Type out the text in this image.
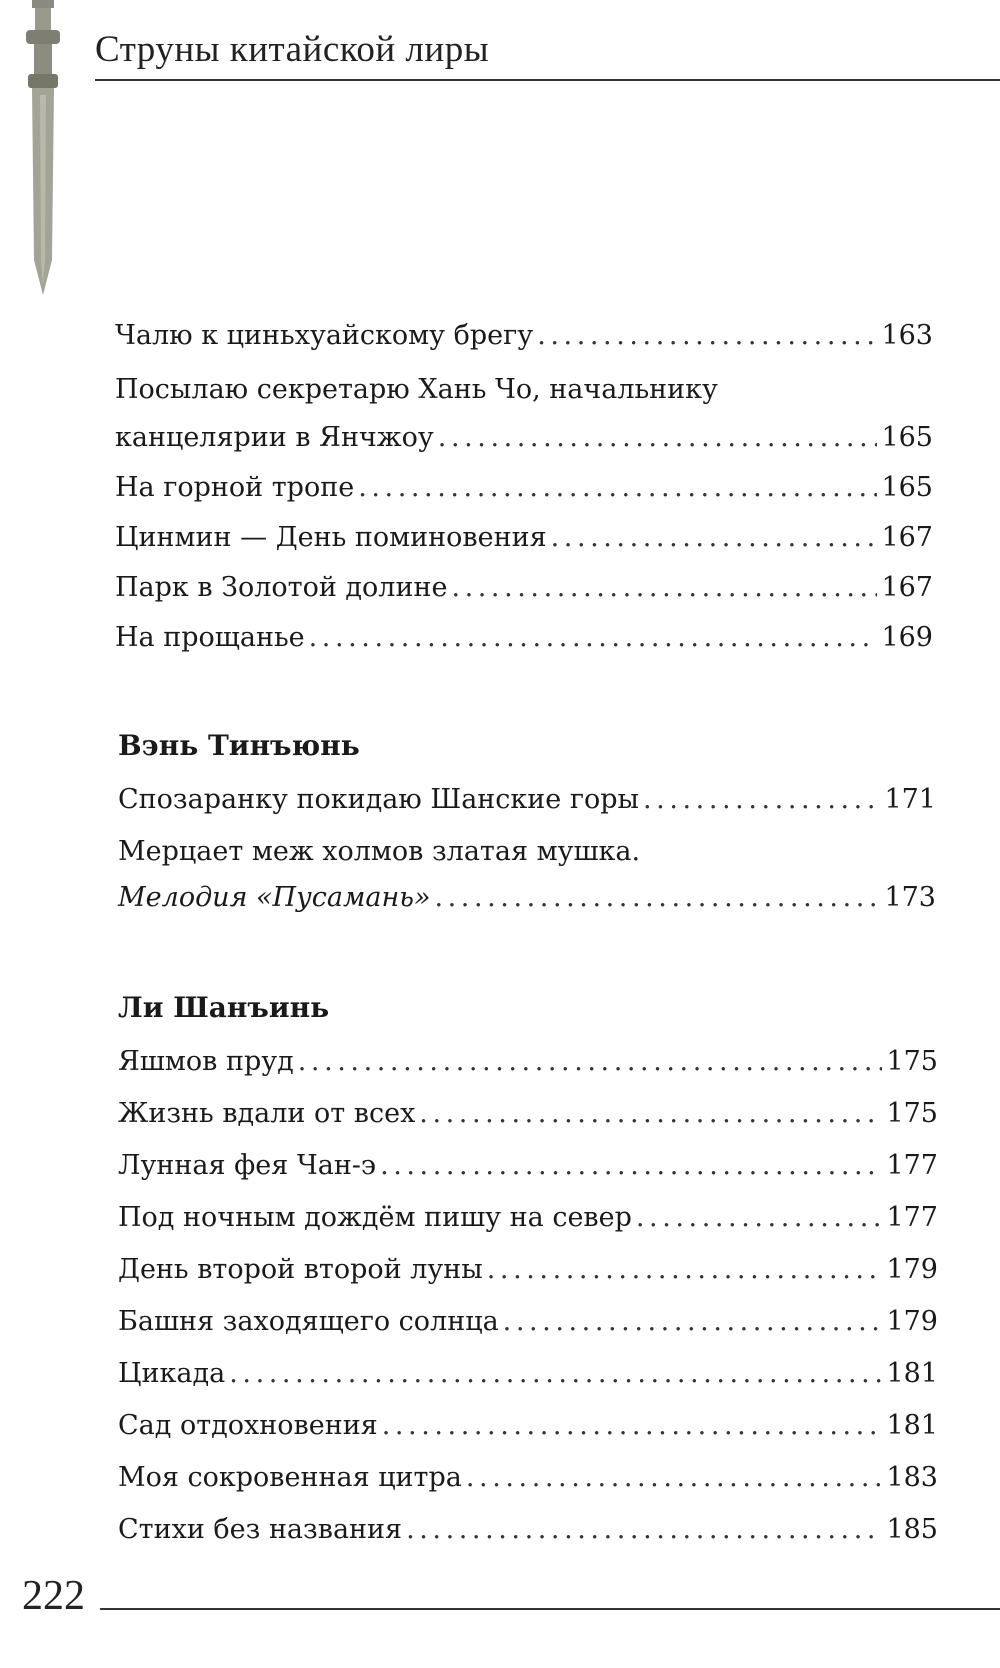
Струны китайской лиры
Чалю к циньхуайскому брегу . . .	163
Посылаю секретарю Хань Чо, начальнику
канцелярии в Янчжоу . . .	165
На горной тропе . . .	165
Цинмин — День поминовения . . .	167
Парк в Золотой долине . . .	167
На прощанье . . .	169
Вэнь Тинъюнь
Спозаранку покидаю Шанские горы . . .	171
Мерцает меж холмов златая мушка.
Мелодия «Пусамань» . . .	173
Ли Шанъинь
Яшмов пруд . . .	175
Жизнь вдали от всех . . .	175
Лунная фея Чан-э . . .	177
Под ночным дождём пишу на север . . .	177
День второй второй луны . . .	179
Башня заходящего солнца . . .	179
Цикада . . .	181
Сад отдохновения . . .	181
Моя сокровенная цитра . . .	183
Стихи без названия . . .	185
222
